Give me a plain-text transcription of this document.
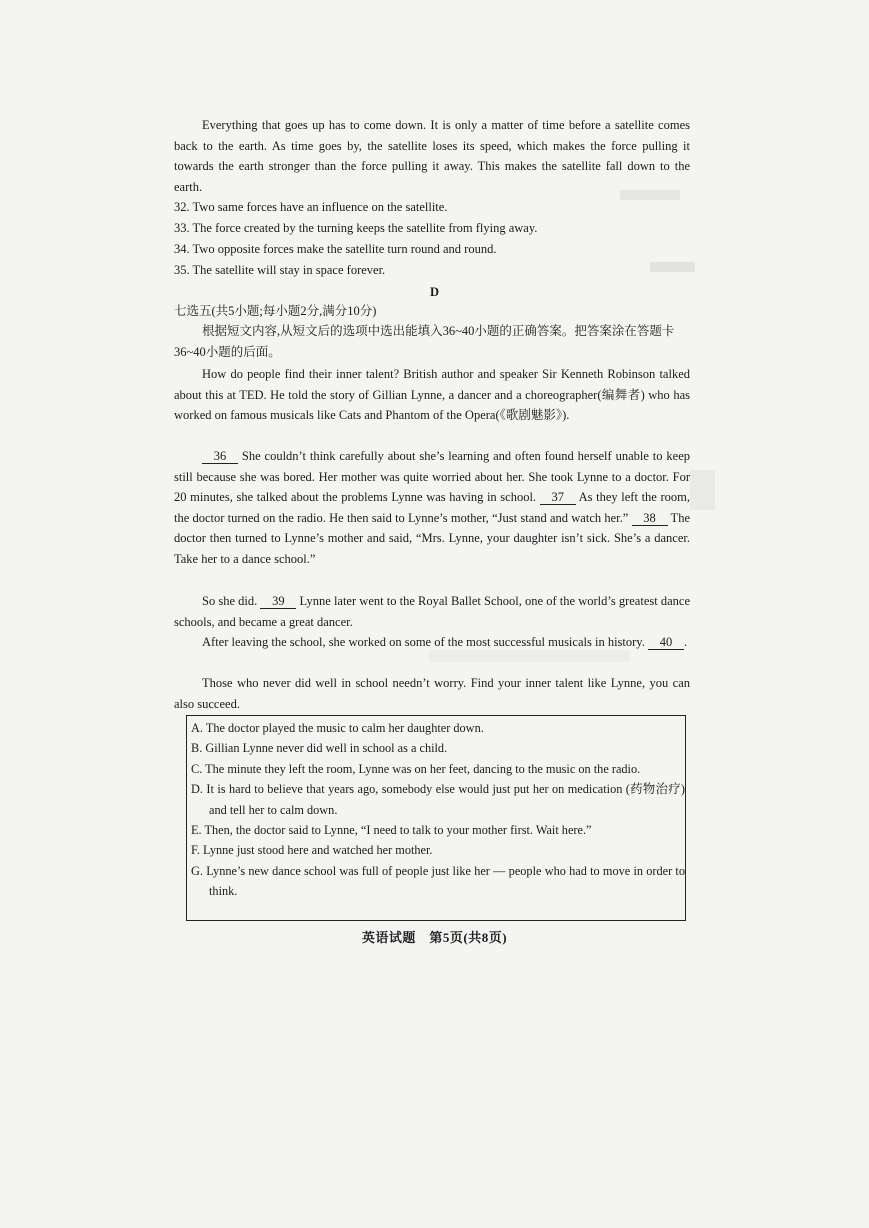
Everything that goes up has to come down. It is only a matter of time before a satellite comes back to the earth. As time goes by, the satellite loses its speed, which makes the force pulling it towards the earth stronger than the force pulling it away. This makes the satellite fall down to the earth.
32. Two same forces have an influence on the satellite.
33. The force created by the turning keeps the satellite from flying away.
34. Two opposite forces make the satellite turn round and round.
35. The satellite will stay in space forever.
D
七选五(共5小题;每小题2分,满分10分)
根据短文内容,从短文后的选项中选出能填入36~40小题的正确答案。把答案涂在答题卡36~40小题的后面。
How do people find their inner talent? British author and speaker Sir Kenneth Robinson talked about this at TED. He told the story of Gillian Lynne, a dancer and a choreographer(编舞者) who has worked on famous musicals like Cats and Phantom of the Opera(《歌剧魅影》).
36 She couldn’t think carefully about she’s learning and often found herself unable to keep still because she was bored. Her mother was quite worried about her. She took Lynne to a doctor. For 20 minutes, she talked about the problems Lynne was having in school. 37 As they left the room, the doctor turned on the radio. He then said to Lynne’s mother, “Just stand and watch her.” 38 The doctor then turned to Lynne’s mother and said, “Mrs. Lynne, your daughter isn’t sick. She’s a dancer. Take her to a dance school.”
So she did. 39 Lynne later went to the Royal Ballet School, one of the world’s greatest dance schools, and became a great dancer.
After leaving the school, she worked on some of the most successful musicals in history. 40 .
Those who never did well in school needn’t worry. Find your inner talent like Lynne, you can also succeed.
A. The doctor played the music to calm her daughter down.
B. Gillian Lynne never did well in school as a child.
C. The minute they left the room, Lynne was on her feet, dancing to the music on the radio.
D. It is hard to believe that years ago, somebody else would just put her on medication (药物治疗) and tell her to calm down.
E. Then, the doctor said to Lynne, “I need to talk to your mother first. Wait here.”
F. Lynne just stood here and watched her mother.
G. Lynne’s new dance school was full of people just like her — people who had to move in order to think.
英语试题　第5页(共8页)
